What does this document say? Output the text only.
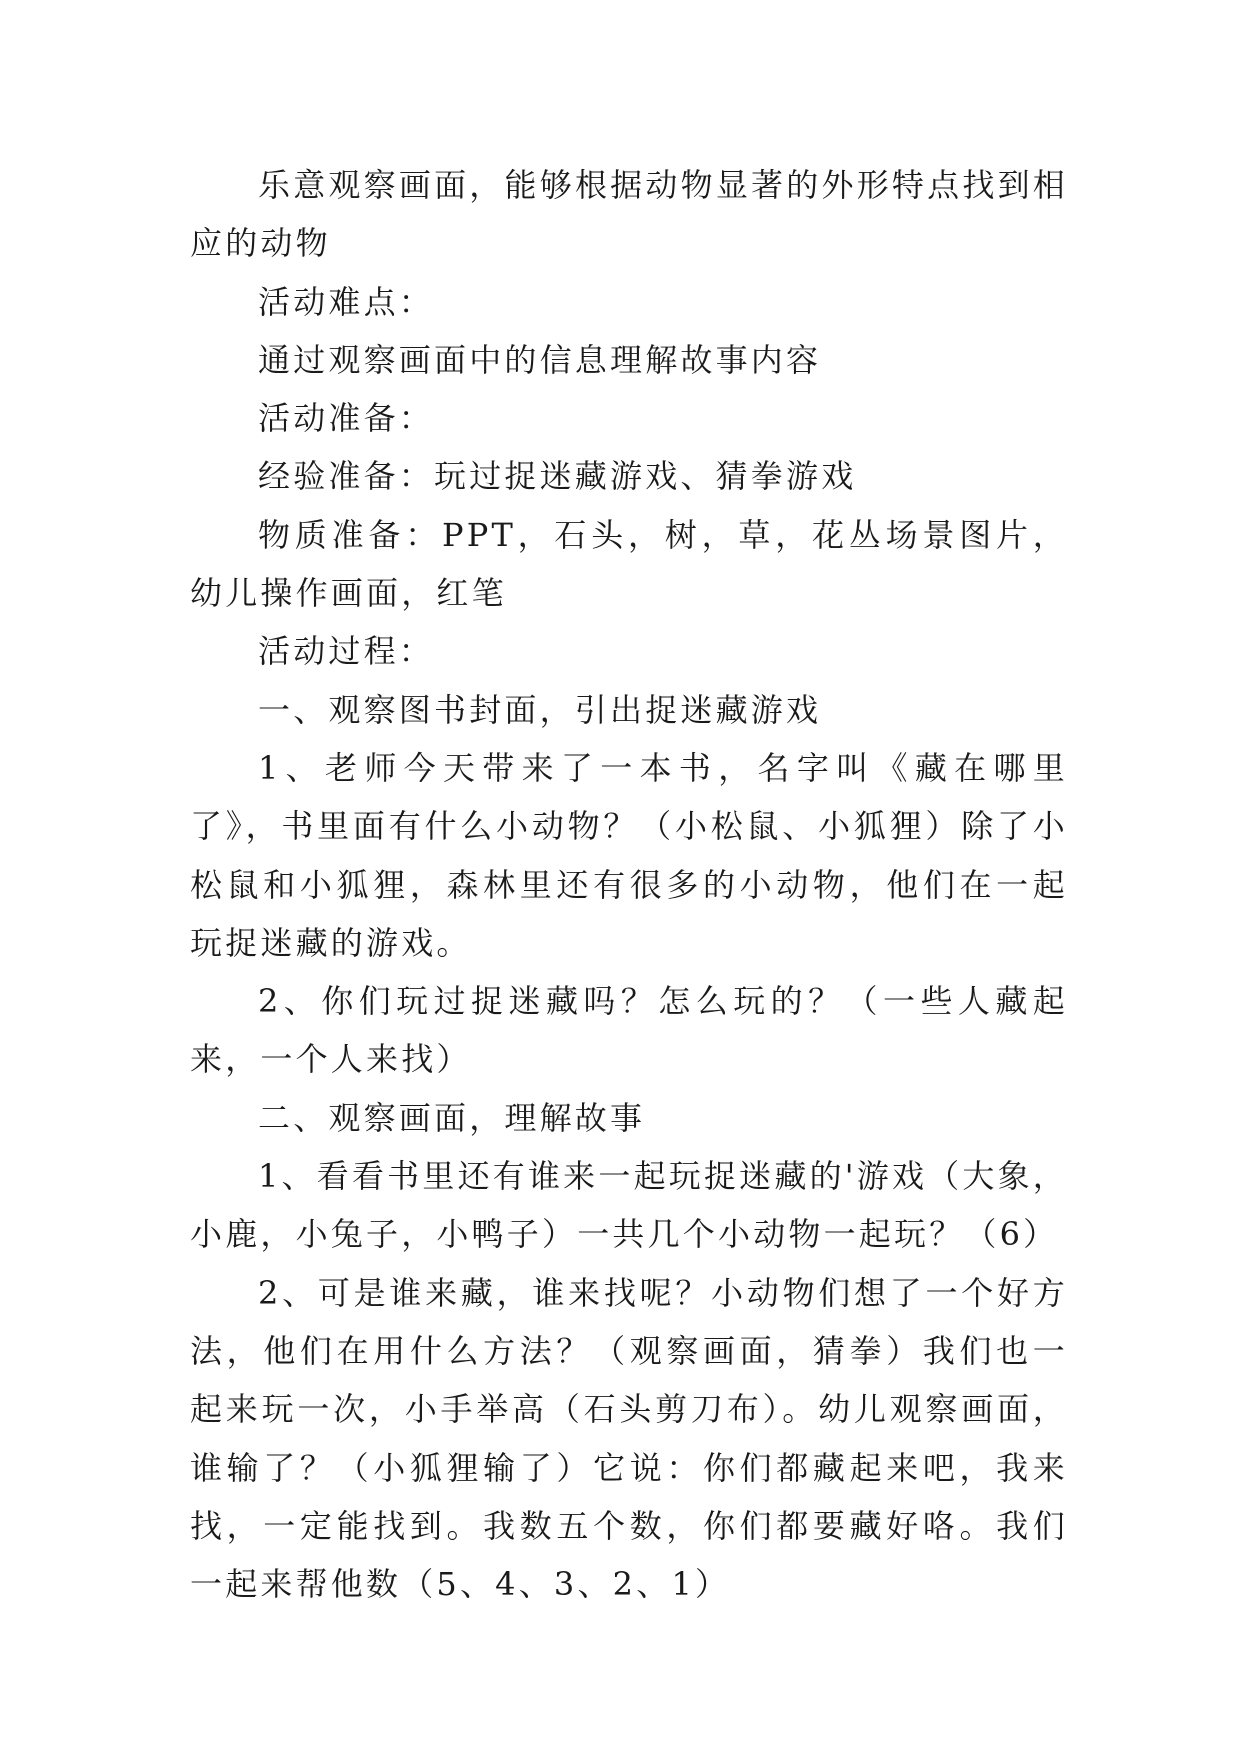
乐意观察画面，能够根据动物显著的外形特点找到相应的动物

活动难点：

通过观察画面中的信息理解故事内容

活动准备：

经验准备：玩过捉迷藏游戏、猜拳游戏

物质准备：PPT，石头，树，草，花丛场景图片，幼儿操作画面，红笔

活动过程：

一、观察图书封面，引出捉迷藏游戏

1、老师今天带来了一本书，名字叫《藏在哪里了》，书里面有什么小动物？（小松鼠、小狐狸）除了小松鼠和小狐狸，森林里还有很多的小动物，他们在一起玩捉迷藏的游戏。

2、你们玩过捉迷藏吗？怎么玩的？（一些人藏起来，一个人来找）

二、观察画面，理解故事

1、看看书里还有谁来一起玩捉迷藏的'游戏（大象，小鹿，小兔子，小鸭子）一共几个小动物一起玩？（6）

2、可是谁来藏，谁来找呢？小动物们想了一个好方法，他们在用什么方法？（观察画面，猜拳）我们也一起来玩一次，小手举高（石头剪刀布）。幼儿观察画面，谁输了？（小狐狸输了）它说：你们都藏起来吧，我来找，一定能找到。我数五个数，你们都要藏好咯。我们一起来帮他数（5、4、3、2、1）
